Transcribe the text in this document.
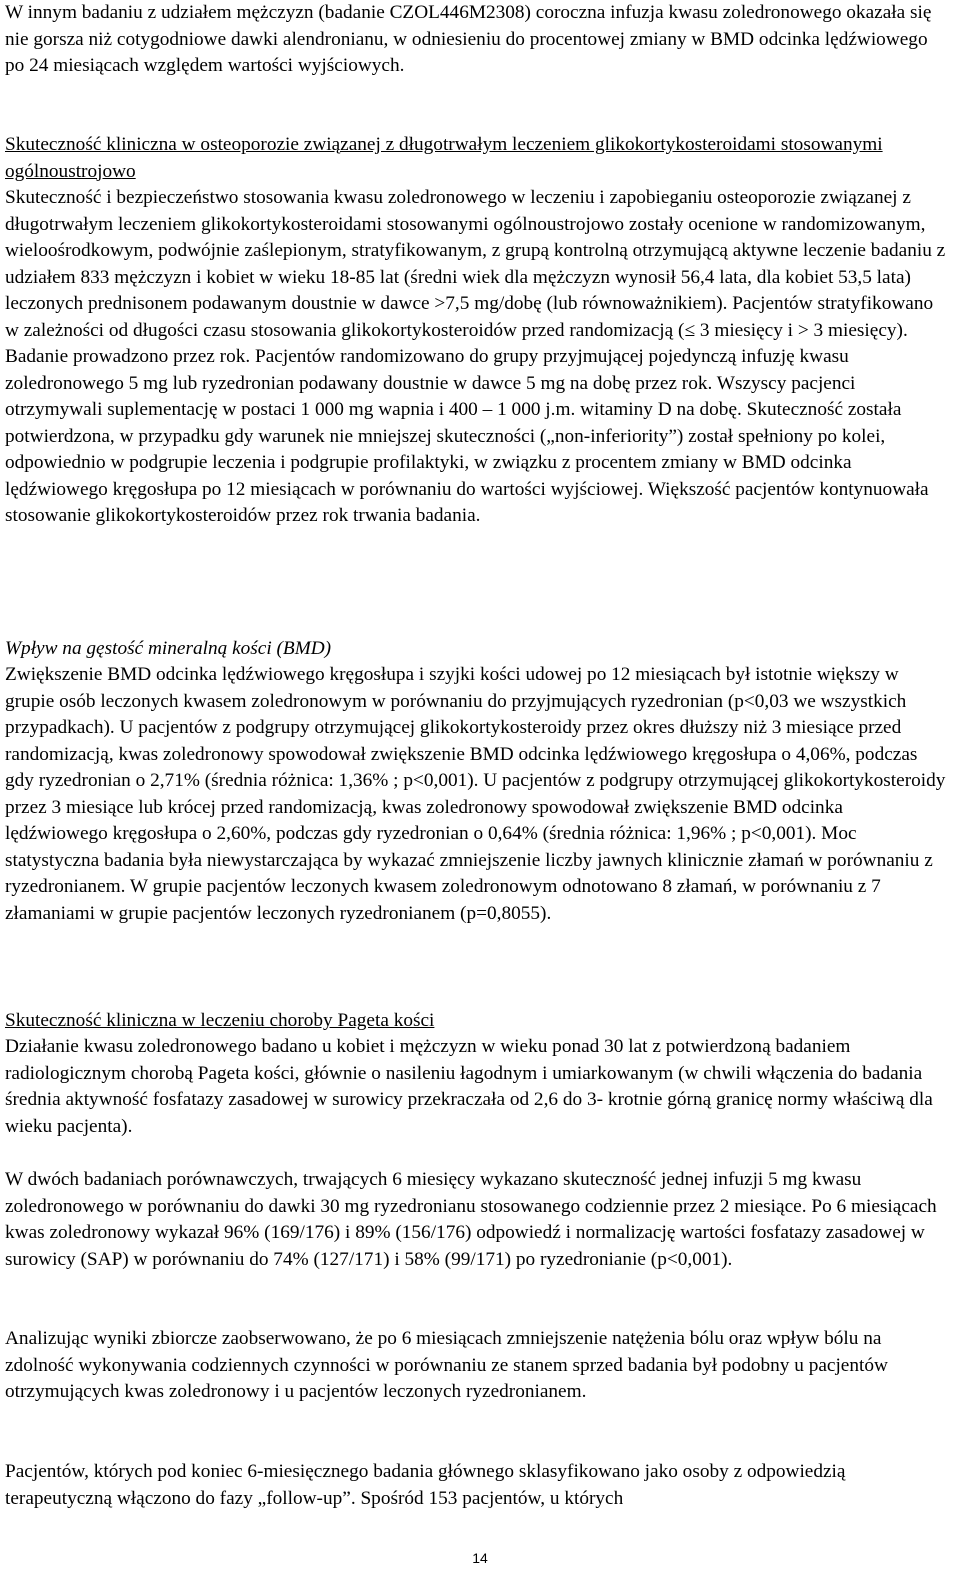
W innym badaniu z udziałem mężczyzn (badanie CZOL446M2308) coroczna infuzja kwasu zoledronowego okazała się nie gorsza niż cotygodniowe dawki alendronianu, w odniesieniu do procentowej zmiany w BMD odcinka lędźwiowego po 24 miesiącach względem wartości wyjściowych.

Skuteczność kliniczna w osteoporozie związanej z długotrwałym leczeniem glikokortykosteroidami stosowanymi ogólnoustrojowo

Skuteczność i bezpieczeństwo stosowania kwasu zoledronowego w leczeniu i zapobieganiu osteoporozie związanej z długotrwałym leczeniem glikokortykosteroidami stosowanymi ogólnoustrojowo zostały ocenione w randomizowanym, wieloośrodkowym, podwójnie zaślepionym, stratyfikowanym, z grupą kontrolną otrzymującą aktywne leczenie badaniu z udziałem 833 mężczyzn i kobiet w wieku 18-85 lat (średni wiek dla mężczyzn wynosił 56,4 lata, dla kobiet 53,5 lata) leczonych prednisonem podawanym doustnie w dawce >7,5 mg/dobę (lub równoważnikiem). Pacjentów stratyfikowano w zależności od długości czasu stosowania glikokortykosteroidów przed randomizacją (≤ 3 miesięcy i > 3 miesięcy). Badanie prowadzono przez rok. Pacjentów randomizowano do grupy przyjmującej pojedynczą infuzję kwasu zoledronowego 5 mg lub ryzedronian podawany doustnie w dawce 5 mg na dobę przez rok. Wszyscy pacjenci otrzymywali suplementację w postaci 1 000 mg wapnia i 400 – 1 000 j.m. witaminy D na dobę. Skuteczność została potwierdzona, w przypadku gdy warunek nie mniejszej skuteczności („non-inferiority”) został spełniony po kolei, odpowiednio w podgrupie leczenia i podgrupie profilaktyki, w związku z procentem zmiany w BMD odcinka lędźwiowego kręgosłupa po 12 miesiącach w porównaniu do wartości wyjściowej. Większość pacjentów kontynuowała stosowanie glikokortykosteroidów przez rok trwania badania.

Wpływ na gęstość mineralną kości (BMD)

Zwiększenie BMD odcinka lędźwiowego kręgosłupa i szyjki kości udowej po 12 miesiącach był istotnie większy w grupie osób leczonych kwasem zoledronowym w porównaniu do przyjmujących ryzedronian (p<0,03 we wszystkich przypadkach). U pacjentów z podgrupy otrzymującej glikokortykosteroidy przez okres dłuższy niż 3 miesiące przed randomizacją, kwas zoledronowy spowodował zwiększenie BMD odcinka lędźwiowego kręgosłupa o 4,06%, podczas gdy ryzedronian o 2,71% (średnia różnica: 1,36% ; p<0,001). U pacjentów z podgrupy otrzymującej glikokortykosteroidy przez 3 miesiące lub krócej przed randomizacją, kwas zoledronowy spowodował zwiększenie BMD odcinka lędźwiowego kręgosłupa o 2,60%, podczas gdy ryzedronian o 0,64% (średnia różnica: 1,96% ; p<0,001). Moc statystyczna badania była niewystarczająca by wykazać zmniejszenie liczby jawnych klinicznie złamań w porównaniu z ryzedronianem. W grupie pacjentów leczonych kwasem zoledronowym odnotowano 8 złamań, w porównaniu z 7 złamaniami w grupie pacjentów leczonych ryzedronianem (p=0,8055).

Skuteczność kliniczna w leczeniu choroby Pageta kości

Działanie kwasu zoledronowego badano u kobiet i mężczyzn w wieku ponad 30 lat z potwierdzoną badaniem radiologicznym chorobą Pageta kości, głównie o nasileniu łagodnym i umiarkowanym (w chwili włączenia do badania średnia aktywność fosfatazy zasadowej w surowicy przekraczała od 2,6 do 3- krotnie górną granicę normy właściwą dla wieku pacjenta).

W dwóch badaniach porównawczych, trwających 6 miesięcy wykazano skuteczność jednej infuzji 5 mg kwasu zoledronowego w porównaniu do dawki 30 mg ryzedronianu stosowanego codziennie przez 2 miesiące. Po 6 miesiącach kwas zoledronowy wykazał 96% (169/176) i 89% (156/176) odpowiedź i normalizację wartości fosfatazy zasadowej w surowicy (SAP) w porównaniu do 74% (127/171) i 58% (99/171) po ryzedronianie (p<0,001).

Analizując wyniki zbiorcze zaobserwowano, że po 6 miesiącach zmniejszenie natężenia bólu oraz wpływ bólu na zdolność wykonywania codziennych czynności w porównaniu ze stanem sprzed badania był podobny u pacjentów otrzymujących kwas zoledronowy i u pacjentów leczonych ryzedronianem.

Pacjentów, których pod koniec 6-miesięcznego badania głównego sklasyfikowano jako osoby z odpowiedzią terapeutyczną włączono do fazy „follow-up”. Spośród 153 pacjentów, u których

14
